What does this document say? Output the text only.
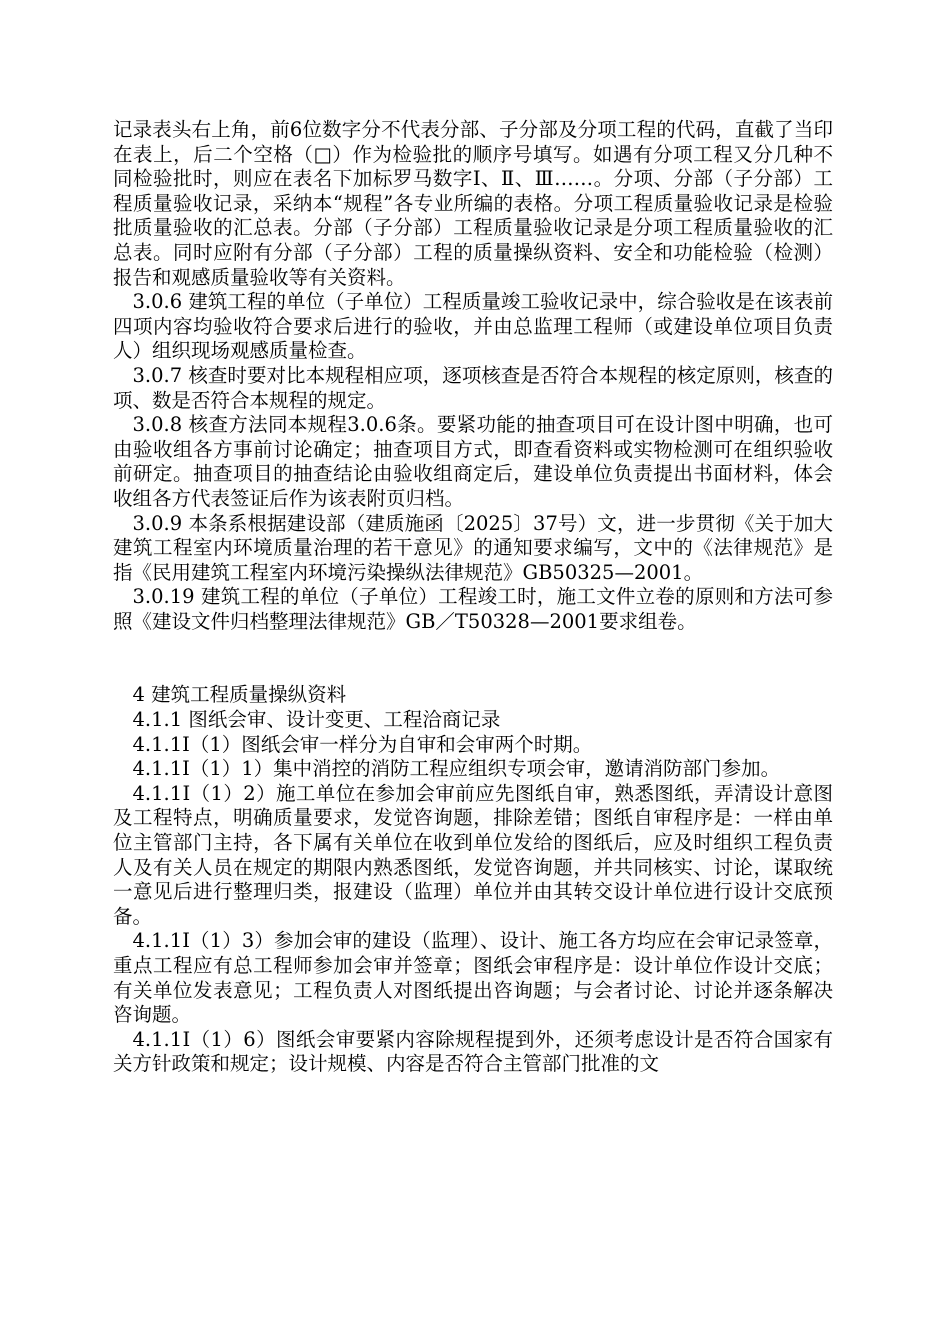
记录表头右上角，前6位数字分不代表分部、子分部及分项工程的代码，直截了当印在表上，后二个空格（□）作为检验批的顺序号填写。如遇有分项工程又分几种不同检验批时，则应在表名下加标罗马数字Ⅰ、Ⅱ、Ⅲ……。分项、分部（子分部）工程质量验收记录，采纳本“规程”各专业所编的表格。分项工程质量验收记录是检验批质量验收的汇总表。分部（子分部）工程质量验收记录是分项工程质量验收的汇总表。同时应附有分部（子分部）工程的质量操纵资料、安全和功能检验（检测）报告和观感质量验收等有关资料。

3.0.6 建筑工程的单位（子单位）工程质量竣工验收记录中，综合验收是在该表前四项内容均验收符合要求后进行的验收，并由总监理工程师（或建设单位项目负责人）组织现场观感质量检查。

3.0.7 核查时要对比本规程相应项，逐项核查是否符合本规程的核定原则，核查的项、数是否符合本规程的规定。

3.0.8 核查方法同本规程3.0.6条。要紧功能的抽查项目可在设计图中明确，也可由验收组各方事前讨论确定；抽查项目方式，即查看资料或实物检测可在组织验收前研定。抽查项目的抽查结论由验收组商定后，建设单位负责提出书面材料，体会收组各方代表签证后作为该表附页归档。

3.0.9 本条系根据建设部（建质施函〔2025〕37号）文，进一步贯彻《关于加大建筑工程室内环境质量治理的若干意见》的通知要求编写，文中的《法律规范》是指《民用建筑工程室内环境污染操纵法律规范》GB50325—2001。

3.0.19 建筑工程的单位（子单位）工程竣工时，施工文件立卷的原则和方法可参照《建设文件归档整理法律规范》GB／T50328—2001要求组卷。

4 建筑工程质量操纵资料

4.1.1 图纸会审、设计变更、工程洽商记录

4.1.1Ⅰ（1）图纸会审一样分为自审和会审两个时期。

4.1.1Ⅰ（1）1）集中消控的消防工程应组织专项会审，邀请消防部门参加。

4.1.1Ⅰ（1）2）施工单位在参加会审前应先图纸自审，熟悉图纸，弄清设计意图及工程特点，明确质量要求，发觉咨询题，排除差错；图纸自审程序是：一样由单位主管部门主持，各下属有关单位在收到单位发给的图纸后，应及时组织工程负责人及有关人员在规定的期限内熟悉图纸，发觉咨询题，并共同核实、讨论，谋取统一意见后进行整理归类，报建设（监理）单位并由其转交设计单位进行设计交底预备。

4.1.1Ⅰ（1）3）参加会审的建设（监理）、设计、施工各方均应在会审记录签章，重点工程应有总工程师参加会审并签章；图纸会审程序是：设计单位作设计交底；有关单位发表意见；工程负责人对图纸提出咨询题；与会者讨论、讨论并逐条解决咨询题。

4.1.1Ⅰ（1）6）图纸会审要紧内容除规程提到外，还须考虑设计是否符合国家有关方针政策和规定；设计规模、内容是否符合主管部门批准的文
